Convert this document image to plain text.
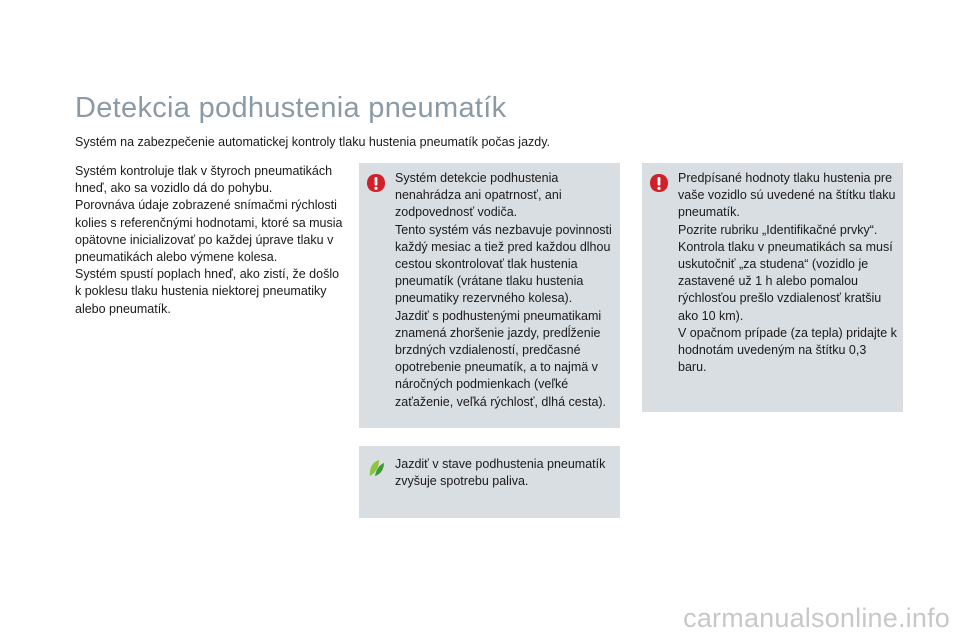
Detekcia podhustenia pneumatík
Systém na zabezpečenie automatickej kontroly tlaku hustenia pneumatík počas jazdy.

Systém kontroluje tlak v štyroch pneumatikách hneď, ako sa vozidlo dá do pohybu.

Porovnáva údaje zobrazené snímačmi rýchlosti kolies s referenčnými hodnotami, ktoré sa musia opätovne inicializovať po každej úprave tlaku v pneumatikách alebo výmene kolesa.

Systém spustí poplach hneď, ako zistí, že došlo k poklesu tlaku hustenia niektorej pneumatiky alebo pneumatík.

Systém detekcie podhustenia nenahrádza ani opatrnosť, ani zodpovednosť vodiča.

Tento systém vás nezbavuje povinnosti každý mesiac a tiež pred každou dlhou cestou skontrolovať tlak hustenia pneumatík (vrátane tlaku hustenia pneumatiky rezervného kolesa).

Jazdiť s podhustenými pneumatikami znamená zhoršenie jazdy, predĺženie brzdných vzdialeností, predčasné opotrebenie pneumatík, a to najmä v náročných podmienkach (veľké zaťaženie, veľká rýchlosť, dlhá cesta).

Jazdiť v stave podhustenia pneumatík zvyšuje spotrebu paliva.

Predpísané hodnoty tlaku hustenia pre vaše vozidlo sú uvedené na štítku tlaku pneumatík.

Pozrite rubriku „Identifikačné prvky“.

Kontrola tlaku v pneumatikách sa musí uskutočniť „za studena“ (vozidlo je zastavené už 1 h alebo pomalou rýchlosťou prešlo vzdialenosť kratšiu ako 10 km).

V opačnom prípade (za tepla) pridajte k hodnotám uvedeným na štítku 0,3 baru.

carmanualsonline.info
